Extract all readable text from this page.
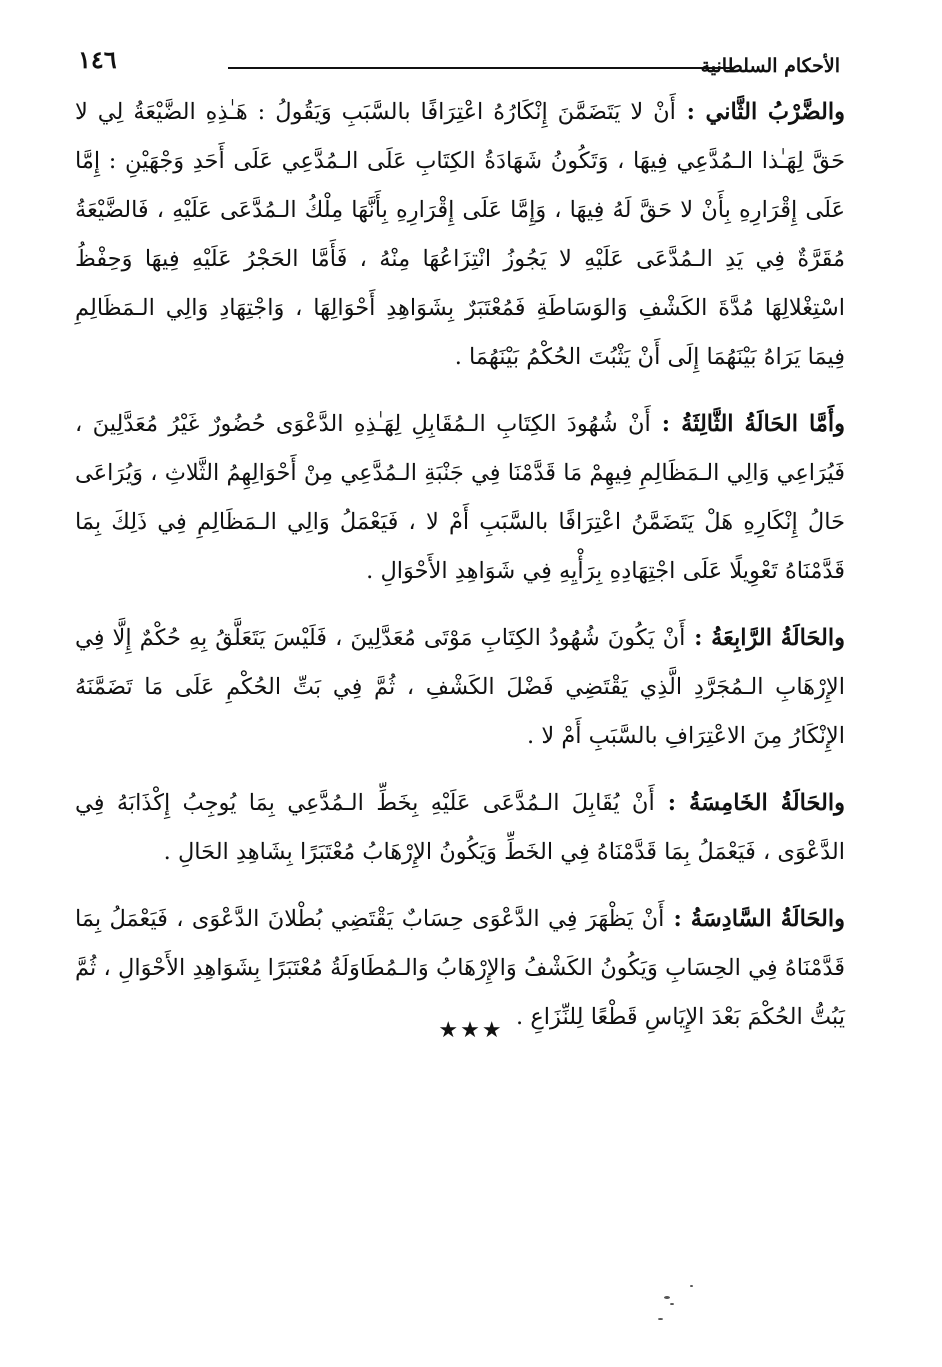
١٤٦	الأحكام السلطانية

والضَّرْبُ الثَّاني : أَنْ لا يَتَضَمَّنَ إِنْكَارُهُ اعْتِرَافًا بالسَّبَبِ وَيَقُولُ : هَـٰذِهِ الضَّيْعَةُ لِي لا حَقَّ لِهَـٰذا الـمُدَّعِي فِيهَا ، وَتَكُونُ شَهَادَةُ الكِتَابِ عَلَى الـمُدَّعِي عَلَى أَحَدِ وَجْهَيْنِ : إِمَّا عَلَى إِقْرَارِهِ بِأَنْ لا حَقَّ لَهُ فِيهَا ، وَإِمَّا عَلَى إِقْرَارِهِ بِأَنَّهَا مِلْكُ الـمُدَّعَى عَلَيْهِ ، فَالضَّيْعَةُ مُقَرَّةٌ فِي يَدِ الـمُدَّعَى عَلَيْهِ لا يَجُوزُ انْتِزَاعُهَا مِنْهُ ، فَأَمَّا الحَجْرُ عَلَيْهِ فِيهَا وَحِفْظُ اسْتِغْلالِهَا مُدَّةَ الكَشْفِ وَالوَسَاطَةِ فَمُعْتَبَرٌ بِشَوَاهِدِ أَحْوَالِهَا ، وَاجْتِهَادِ وَالِي الـمَظَالِمِ فِيمَا يَرَاهُ بَيْنَهُمَا إِلَى أَنْ يَثْبُتَ الحُكْمُ بَيْنَهُمَا .

وأَمَّا الحَالَةُ الثَّالِثَةُ : أَنْ شُهُودَ الكِتَابِ الـمُقَابِلِ لِهَـٰذِهِ الدَّعْوَى حُضُورٌ غَيْرُ مُعَدَّلِينَ ، فَيُرَاعِي وَالِي الـمَظَالِمِ فِيهِمْ مَا قَدَّمْنَا فِي جَنْبَةِ الـمُدَّعِي مِنْ أَحْوَالِهِمُ الثَّلاثِ ، وَيُرَاعَى حَالُ إِنْكَارِهِ هَلْ يَتَضَمَّنُ اعْتِرَافًا بالسَّبَبِ أَمْ لا ، فَيَعْمَلُ وَالِي الـمَظَالِمِ فِي ذَلِكَ بِمَا قَدَّمْنَاهُ تَعْوِيلًا عَلَى اجْتِهَادِهِ بِرَأْيِهِ فِي شَوَاهِدِ الأَحْوَالِ .

والحَالَةُ الرَّابِعَةُ : أَنْ يَكُونَ شُهُودُ الكِتَابِ مَوْتَى مُعَدَّلِينَ ، فَلَيْسَ يَتَعَلَّقُ بِهِ حُكْمٌ إِلَّا فِي الإِرْهَابِ الـمُجَرَّدِ الَّذِي يَقْتَضِي فَضْلَ الكَشْفِ ، ثُمَّ فِي بَتِّ الحُكْمِ عَلَى مَا تَضَمَّنَهُ الإِنْكَارُ مِنَ الاعْتِرَافِ بالسَّبَبِ أَمْ لا .

والحَالَةُ الخَامِسَةُ : أَنْ يُقَابِلَ الـمُدَّعَى عَلَيْهِ بِخَطِّ الـمُدَّعِي بِمَا يُوجِبُ إِكْذَابَهُ فِي الدَّعْوَى ، فَيَعْمَلُ بِمَا قَدَّمْنَاهُ فِي الخَطِّ وَيَكُونُ الإِرْهَابُ مُعْتَبَرًا بِشَاهِدِ الحَالِ .

والحَالَةُ السَّادِسَةُ : أَنْ يَظْهَرَ فِي الدَّعْوَى حِسَابٌ يَقْتَضِي بُطْلانَ الدَّعْوَى ، فَيَعْمَلُ بِمَا قَدَّمْنَاهُ فِي الحِسَابِ وَيَكُونُ الكَشْفُ وَالإِرْهَابُ وَالـمُطَاوَلَةُ مُعْتَبَرًا بِشَوَاهِدِ الأَحْوَالِ ، ثُمَّ يَبُتُّ الحُكْمَ بَعْدَ الإِيَاسِ قَطْعًا لِلنِّزَاعِ .

★★★
